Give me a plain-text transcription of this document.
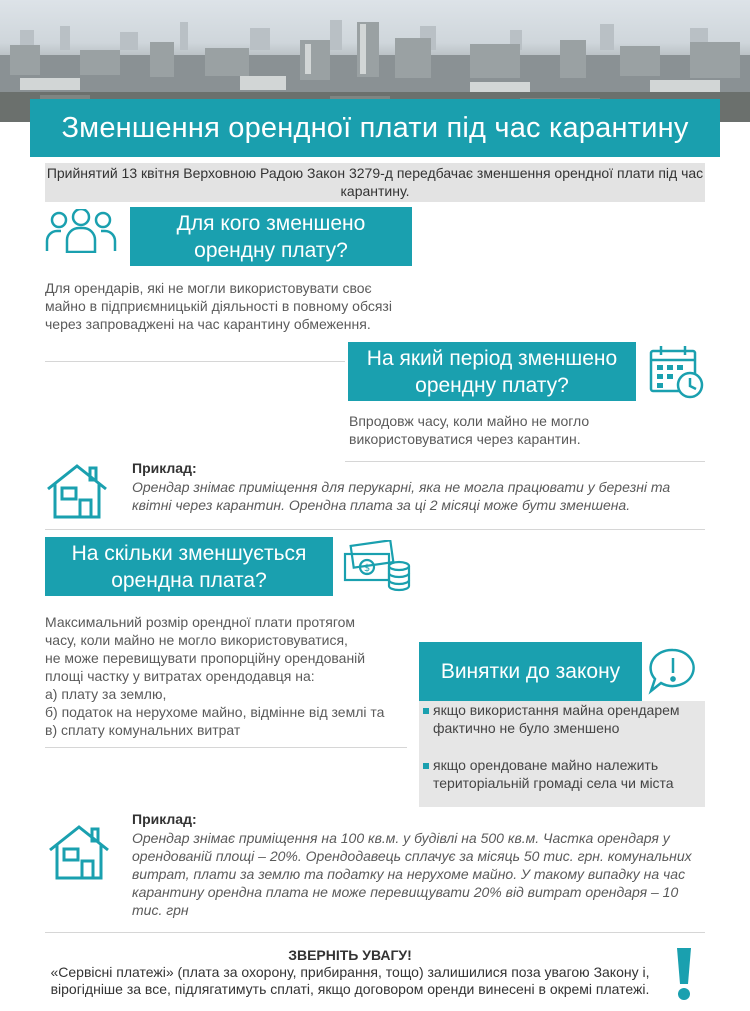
Зменшення орендної плати під час карантину
Прийнятий 13 квітня Верховною Радою Закон 3279-д передбачає зменшення орендної плати під час карантину.
Для кого зменшено
орендну плату?
Для орендарів, які не могли використовувати своє майно в підприємницькій діяльності в повному обсязі через запроваджені на час карантину обмеження.
На який період зменшено
орендну плату?
Впродовж часу, коли майно не могло використовуватися через карантин.
Приклад:
Орендар знімає приміщення для перукарні, яка не могла працювати у березні та квітні через карантин. Орендна плата за ці 2 місяці може бути зменшена.
На скільки зменшується
орендна плата?
$
Максимальний розмір орендної плати протягом
часу, коли майно не могло використовуватися,
не може перевищувати пропорційну орендованій
площі частку у витратах орендодавця на:
а) плату за землю,
б) податок на нерухоме майно, відмінне від землі та
в) сплату комунальних витрат
Винятки до закону
якщо використання майна орендарем фактично не було зменшено
якщо орендоване майно належить територіальній громаді села чи міста
Приклад:
Орендар знімає приміщення на 100 кв.м. у будівлі на 500 кв.м. Частка орендаря у орендованій площі – 20%. Орендодавець сплачує за місяць 50 тис. грн. комунальних витрат, плати за землю та податку на нерухоме майно. У такому випадку на час карантину орендна плата не може перевищувати 20% від витрат орендаря – 10 тис. грн
ЗВЕРНІТЬ УВАГУ!
«Сервісні платежі» (плата за охорону, прибирання, тощо) залишилися поза увагою Закону і, вірогідніше за все, підлягатимуть сплаті, якщо договором оренди винесені в окремі платежі.
